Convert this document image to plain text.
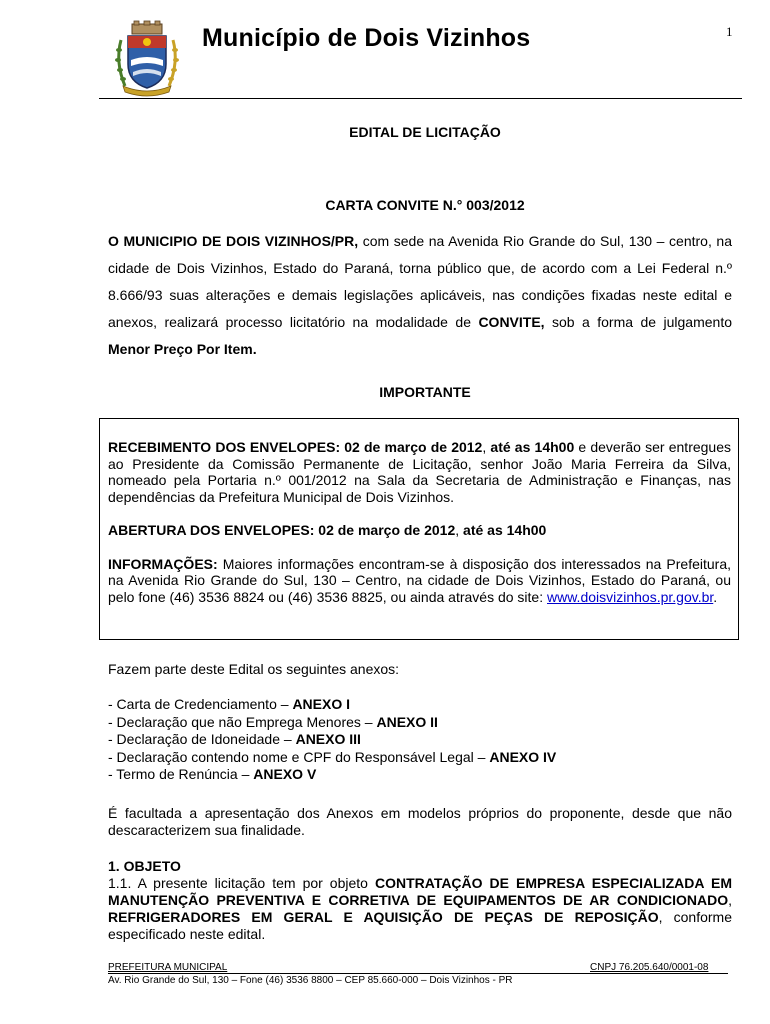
Município de Dois Vizinhos	1
EDITAL DE LICITAÇÃO
CARTA CONVITE N.° 003/2012
O MUNICIPIO DE DOIS VIZINHOS/PR, com sede na Avenida Rio Grande do Sul, 130 – centro, na cidade de Dois Vizinhos, Estado do Paraná, torna público que, de acordo com a Lei Federal n.º 8.666/93 suas alterações e demais legislações aplicáveis, nas condições fixadas neste edital e anexos, realizará processo licitatório na modalidade de CONVITE, sob a forma de julgamento Menor Preço Por Item.
IMPORTANTE

RECEBIMENTO DOS ENVELOPES: 02 de março de 2012, até as 14h00 e deverão ser entregues ao Presidente da Comissão Permanente de Licitação, senhor João Maria Ferreira da Silva, nomeado pela Portaria n.º 001/2012 na Sala da Secretaria de Administração e Finanças, nas dependências da Prefeitura Municipal de Dois Vizinhos.

ABERTURA DOS ENVELOPES: 02 de março de 2012, até as 14h00

INFORMAÇÕES: Maiores informações encontram-se à disposição dos interessados na Prefeitura, na Avenida Rio Grande do Sul, 130 – Centro, na cidade de Dois Vizinhos, Estado do Paraná, ou pelo fone (46) 3536 8824 ou (46) 3536 8825, ou ainda através do site: www.doisvizinhos.pr.gov.br.

Fazem parte deste Edital os seguintes anexos:
- Carta de Credenciamento – ANEXO I
- Declaração que não Emprega Menores – ANEXO II
- Declaração de Idoneidade – ANEXO III
- Declaração contendo nome e CPF do Responsável Legal – ANEXO IV
- Termo de Renúncia – ANEXO V
É facultada a apresentação dos Anexos em modelos próprios do proponente, desde que não descaracterizem sua finalidade.

1. OBJETO

1.1. A presente licitação tem por objeto CONTRATAÇÃO DE EMPRESA ESPECIALIZADA EM MANUTENÇÃO PREVENTIVA E CORRETIVA DE EQUIPAMENTOS DE AR CONDICIONADO, REFRIGERADORES EM GERAL E AQUISIÇÃO DE PEÇAS DE REPOSIÇÃO, conforme especificado neste edital.

PREFEITURA MUNICIPAL	CNPJ 76.205.640/0001-08
Av. Rio Grande do Sul, 130 – Fone (46) 3536 8800 – CEP 85.660-000 – Dois Vizinhos - PR
